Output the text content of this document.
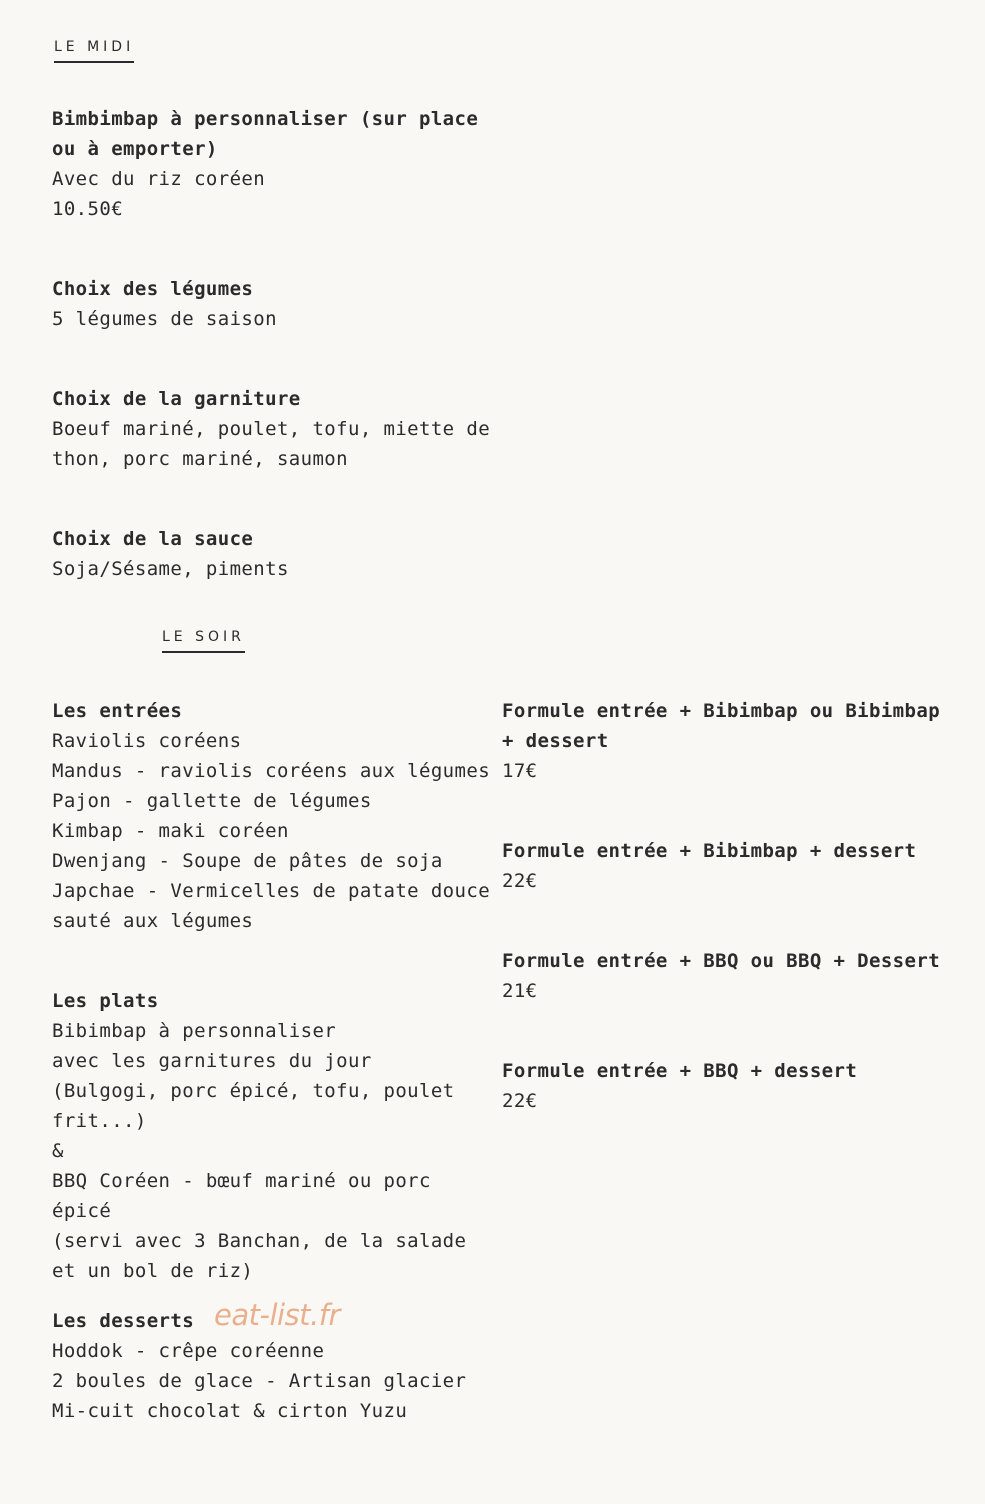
LE MIDI
Bimbimbap à personnaliser (sur place ou à emporter)
Avec du riz coréen
10.50€
Choix des légumes
5 légumes de saison
Choix de la garniture
Boeuf mariné, poulet, tofu, miette de thon, porc mariné, saumon
Choix de la sauce
Soja/Sésame, piments
LE SOIR
Les entrées
Raviolis coréens
Mandus - raviolis coréens aux légumes
Pajon - gallette de légumes
Kimbap - maki coréen
Dwenjang - Soupe de pâtes de soja
Japchae - Vermicelles de patate douce sauté aux légumes
Les plats
Bibimbap à personnaliser
avec les garnitures du jour
(Bulgogi, porc épicé, tofu, poulet frit...)
&
BBQ Coréen - bœuf mariné ou porc épicé
(servi avec 3 Banchan, de la salade et un bol de riz)
Les desserts
Hoddok - crêpe coréenne
2 boules de glace - Artisan glacier
Mi-cuit chocolat & cirton Yuzu
Formule entrée + Bibimbap ou Bibimbap + dessert
17€
Formule entrée + Bibimbap + dessert
22€
Formule entrée + BBQ ou BBQ + Dessert
21€
Formule entrée + BBQ + dessert
22€
eat-list.fr
